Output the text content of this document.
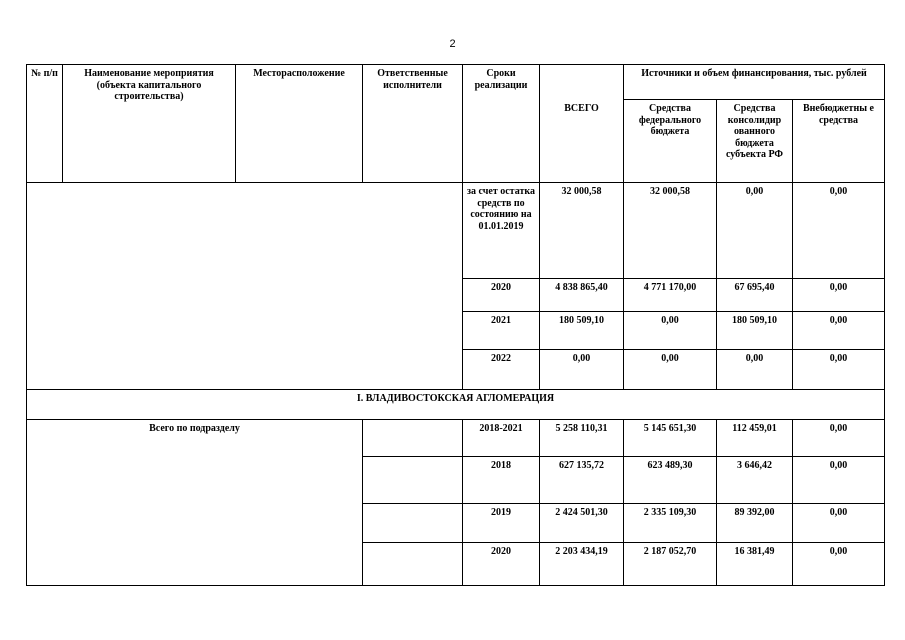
2
№ п/п	Наименование мероприятия (объекта капитального строительства)	Месторасположение	Ответственные исполнители	Сроки реализации	ВСЕГО	Источники и объем финансирования, тыс. рублей		
						Средства федерального бюджета	Средства консолидир ованного бюджета субъекта РФ	Внебюджетны е средства
				за счет остатка средств по состоянию на 01.01.2019	32 000,58	32 000,58	0,00	0,00
				2020	4 838 865,40	4 771 170,00	67 695,40	0,00
				2021	180 509,10	0,00	180 509,10	0,00
				2022	0,00	0,00	0,00	0,00
I. ВЛАДИВОСТОКСКАЯ АГЛОМЕРАЦИЯ								
Всего по подразделу				2018-2021	5 258 110,31	5 145 651,30	112 459,01	0,00
				2018	627 135,72	623 489,30	3 646,42	0,00
				2019	2 424 501,30	2 335 109,30	89 392,00	0,00
				2020	2 203 434,19	2 187 052,70	16 381,49	0,00
